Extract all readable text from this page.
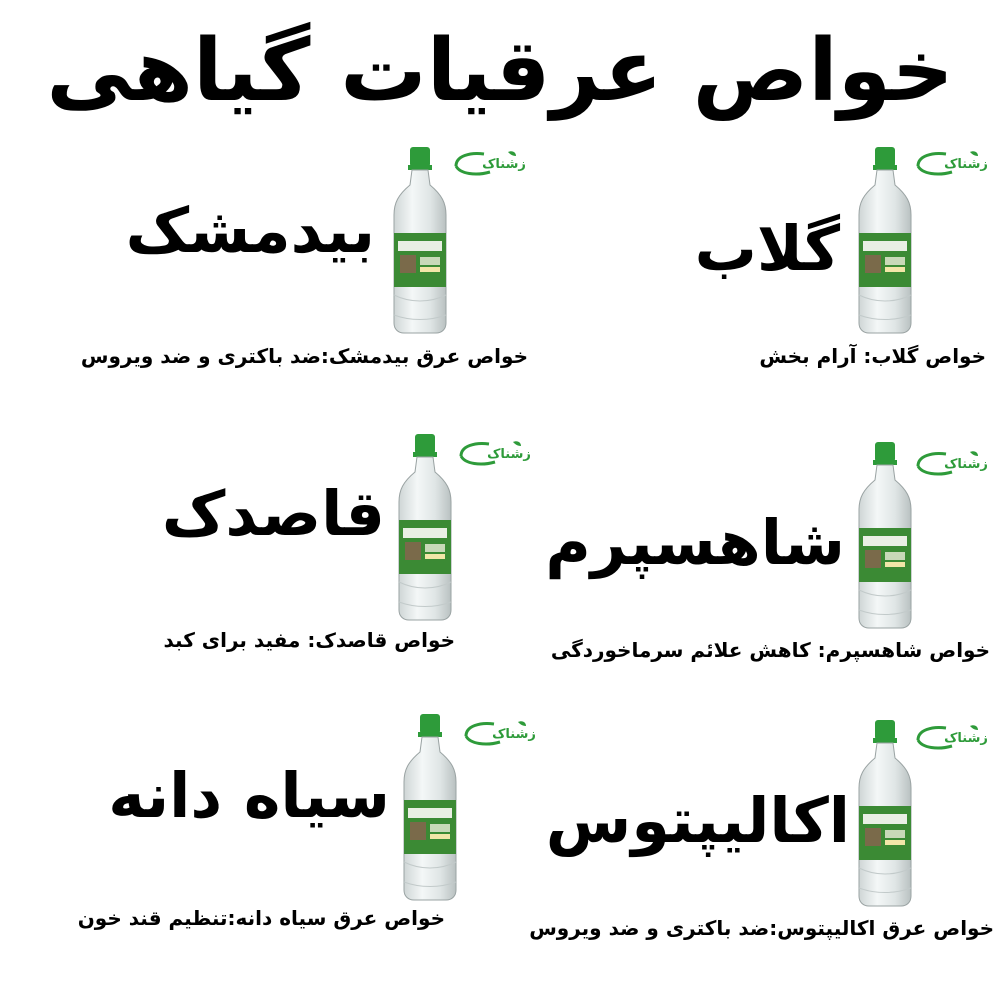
خواص عرقیات گیاهی
زشناک
گلاب
خواص گلاب: آرام بخش
زشناک
بیدمشک
خواص عرق بیدمشک:ضد باکتری و ضد ویروس
زشناک
شاهسپرم
خواص شاهسپرم: کاهش علائم سرماخوردگی
زشناک
قاصدک
خواص قاصدک: مفید برای کبد
زشناک
اکالیپتوس
خواص عرق اکالیپتوس:ضد باکتری و ضد ویروس
زشناک
سیاه دانه
خواص عرق سیاه دانه:تنظیم قند خون
